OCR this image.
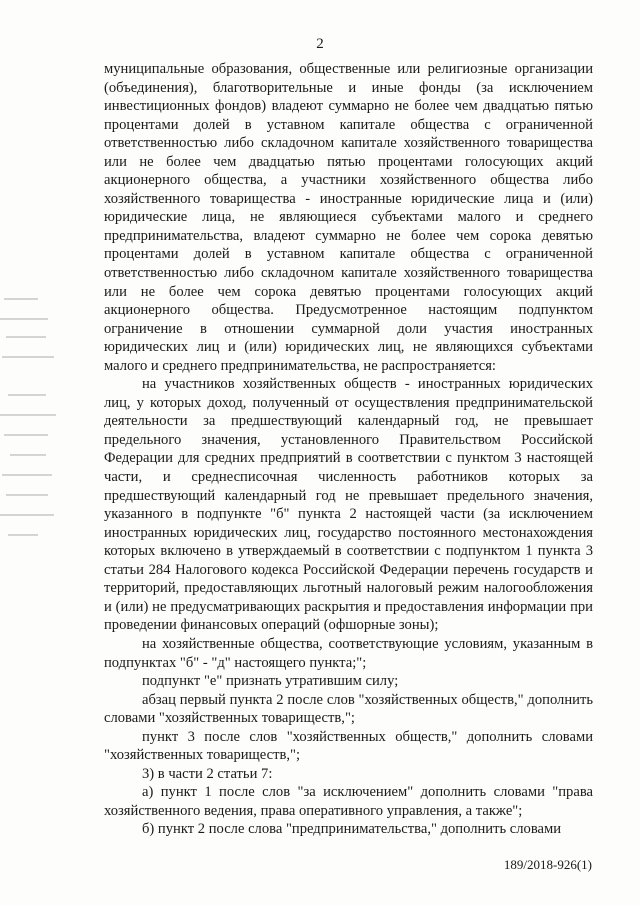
2

муниципальные образования, общественные или религиозные организации (объединения), благотворительные и иные фонды (за исключением инвестиционных фондов) владеют суммарно не более чем двадцатью пятью процентами долей в уставном капитале общества с ограниченной ответственностью либо складочном капитале хозяйственного товарищества или не более чем двадцатью пятью процентами голосующих акций акционерного общества, а участники хозяйственного общества либо хозяйственного товарищества - иностранные юридические лица и (или) юридические лица, не являющиеся субъектами малого и среднего предпринимательства, владеют суммарно не более чем сорока девятью процентами долей в уставном капитале общества с ограниченной ответственностью либо складочном капитале хозяйственного товарищества или не более чем сорока девятью процентами голосующих акций акционерного общества. Предусмотренное настоящим подпунктом ограничение в отношении суммарной доли участия иностранных юридических лиц и (или) юридических лиц, не являющихся субъектами малого и среднего предпринимательства, не распространяется:

на участников хозяйственных обществ - иностранных юридических лиц, у которых доход, полученный от осуществления предпринимательской деятельности за предшествующий календарный год, не превышает предельного значения, установленного Правительством Российской Федерации для средних предприятий в соответствии с пунктом 3 настоящей части, и среднесписочная численность работников которых за предшествующий календарный год не превышает предельного значения, указанного в подпункте "б" пункта 2 настоящей части (за исключением иностранных юридических лиц, государство постоянного местонахождения которых включено в утверждаемый в соответствии с подпунктом 1 пункта 3 статьи 284 Налогового кодекса Российской Федерации перечень государств и территорий, предоставляющих льготный налоговый режим налогообложения и (или) не предусматривающих раскрытия и предоставления информации при проведении финансовых операций (офшорные зоны);

на хозяйственные общества, соответствующие условиям, указанным в подпунктах "б" - "д" настоящего пункта;";

подпункт "е" признать утратившим силу;

абзац первый пункта 2 после слов "хозяйственных обществ," дополнить словами "хозяйственных товариществ,";

пункт 3 после слов "хозяйственных обществ," дополнить словами "хозяйственных товариществ,";

3) в части 2 статьи 7:

а) пункт 1 после слов "за исключением" дополнить словами "права хозяйственного ведения, права оперативного управления, а также";

б) пункт 2 после слова "предпринимательства," дополнить словами

189/2018-926(1)
